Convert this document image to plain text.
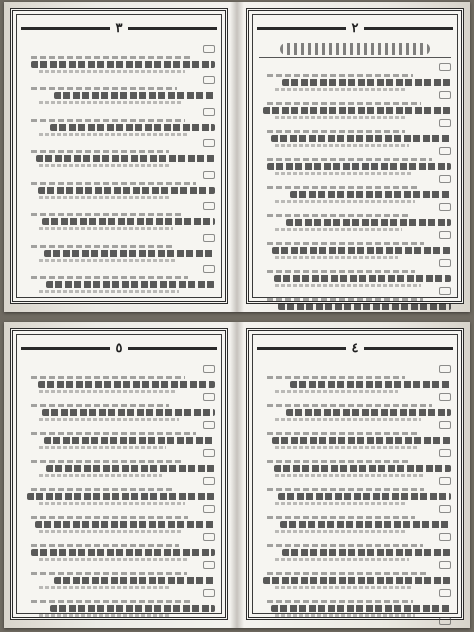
٣	٢
٥	٤
